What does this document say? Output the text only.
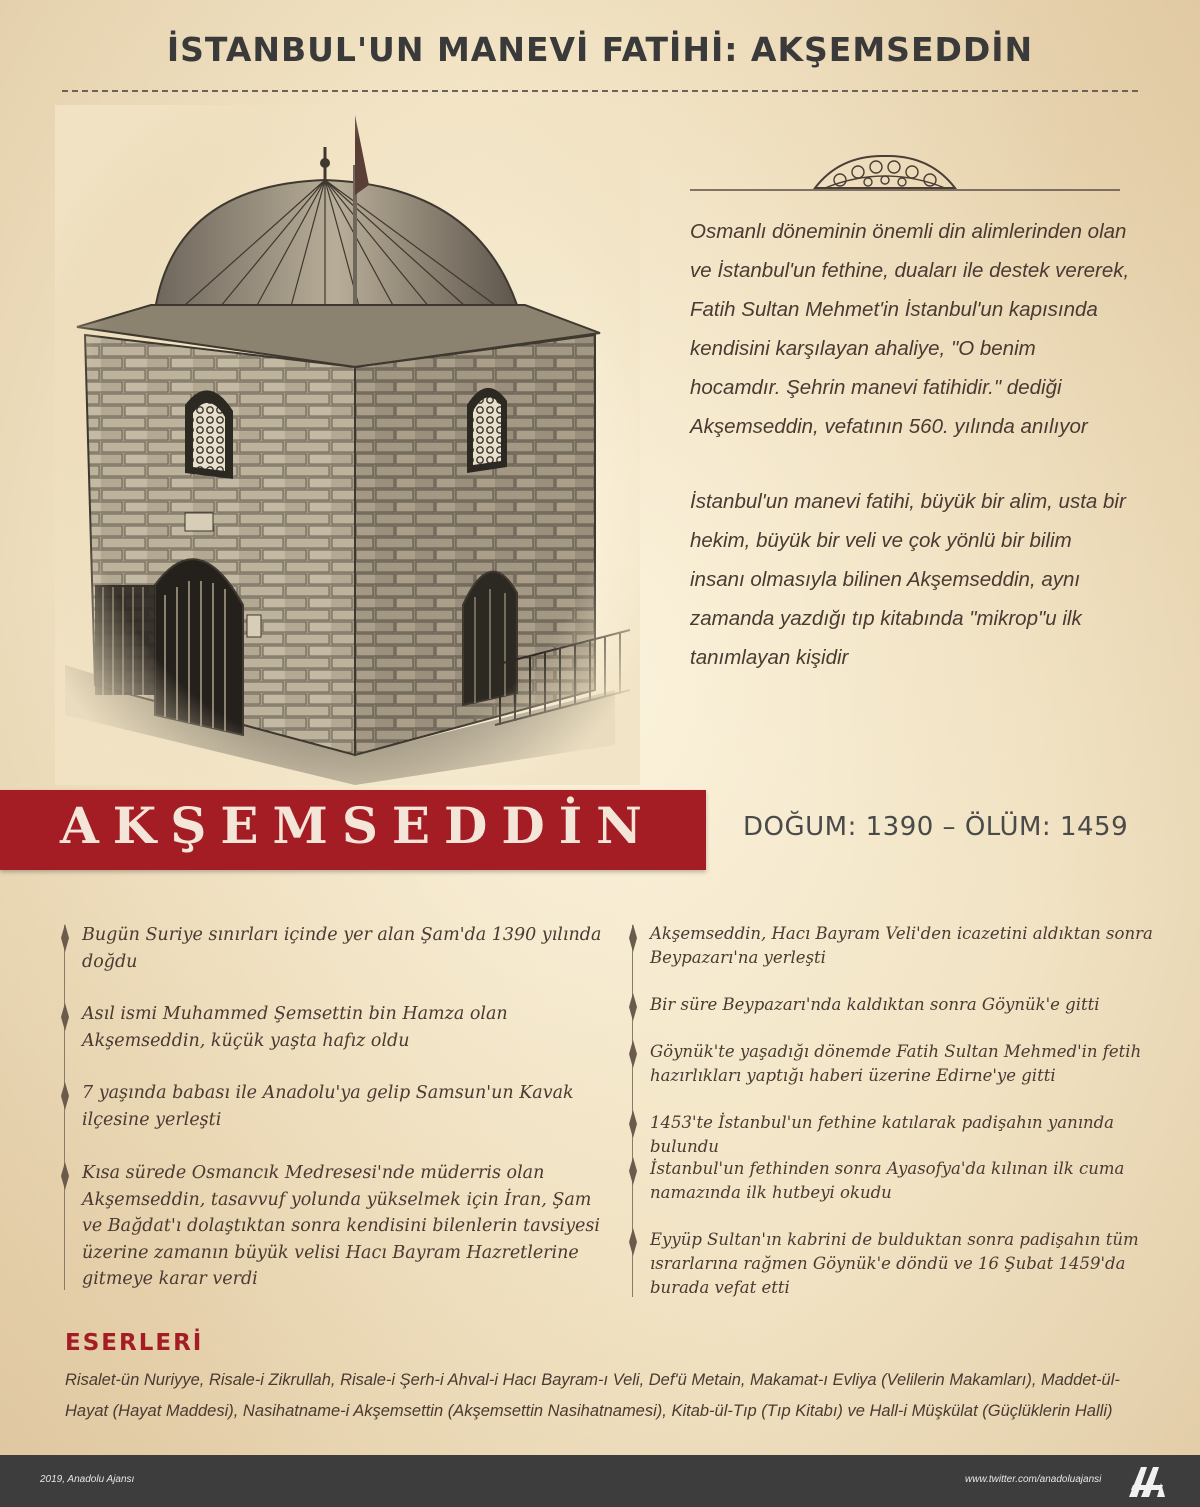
İSTANBUL'UN MANEVİ FATİHİ: AKŞEMSEDDİN

Osmanlı döneminin önemli din alimlerinden olan ve İstanbul'un fethine, duaları ile destek vererek, Fatih Sultan Mehmet'in İstanbul'un kapısında kendisini karşılayan ahaliye, "O benim hocamdır. Şehrin manevi fatihidir." dediği Akşemseddin, vefatının 560. yılında anılıyor

İstanbul'un manevi fatihi, büyük bir alim, usta bir hekim, büyük bir veli ve çok yönlü bir bilim insanı olmasıyla bilinen Akşemseddin, aynı zamanda yazdığı tıp kitabında "mikrop"u ilk tanımlayan kişidir

AKŞEMSEDDİN	DOĞUM: 1390 – ÖLÜM: 1459
Bugün Suriye sınırları içinde yer alan Şam'da 1390 yılında doğdu
Asıl ismi Muhammed Şemsettin bin Hamza olan Akşemseddin, küçük yaşta hafız oldu
7 yaşında babası ile Anadolu'ya gelip Samsun'un Kavak ilçesine yerleşti
Kısa sürede Osmancık Medresesi'nde müderris olan Akşemseddin, tasavvuf yolunda yükselmek için İran, Şam ve Bağdat'ı dolaştıktan sonra kendisini bilenlerin tavsiyesi üzerine zamanın büyük velisi Hacı Bayram Hazretlerine gitmeye karar verdi
Akşemseddin, Hacı Bayram Veli'den icazetini aldıktan sonra Beypazarı'na yerleşti
Bir süre Beypazarı'nda kaldıktan sonra Göynük'e gitti
Göynük'te yaşadığı dönemde Fatih Sultan Mehmed'in fetih hazırlıkları yaptığı haberi üzerine Edirne'ye gitti
1453'te İstanbul'un fethine katılarak padişahın yanında bulundu
İstanbul'un fethinden sonra Ayasofya'da kılınan ilk cuma namazında ilk hutbeyi okudu
Eyyüp Sultan'ın kabrini de bulduktan sonra padişahın tüm ısrarlarına rağmen Göynük'e döndü ve 16 Şubat 1459'da burada vefat etti
ESERLERİ
Risalet-ün Nuriyye, Risale-i Zikrullah, Risale-i Şerh-i Ahval-i Hacı Bayram-ı Veli, Def'ü Metain, Makamat-ı Evliya (Velilerin Makamları), Maddet-ül-Hayat (Hayat Maddesi), Nasihatname-i Akşemsettin (Akşemsettin Nasihatnamesi), Kitab-ül-Tıp (Tıp Kitabı) ve Hall-i Müşkülat (Güçlüklerin Halli)
2019, Anadolu Ajansı	www.twitter.com/anadoluajansi
